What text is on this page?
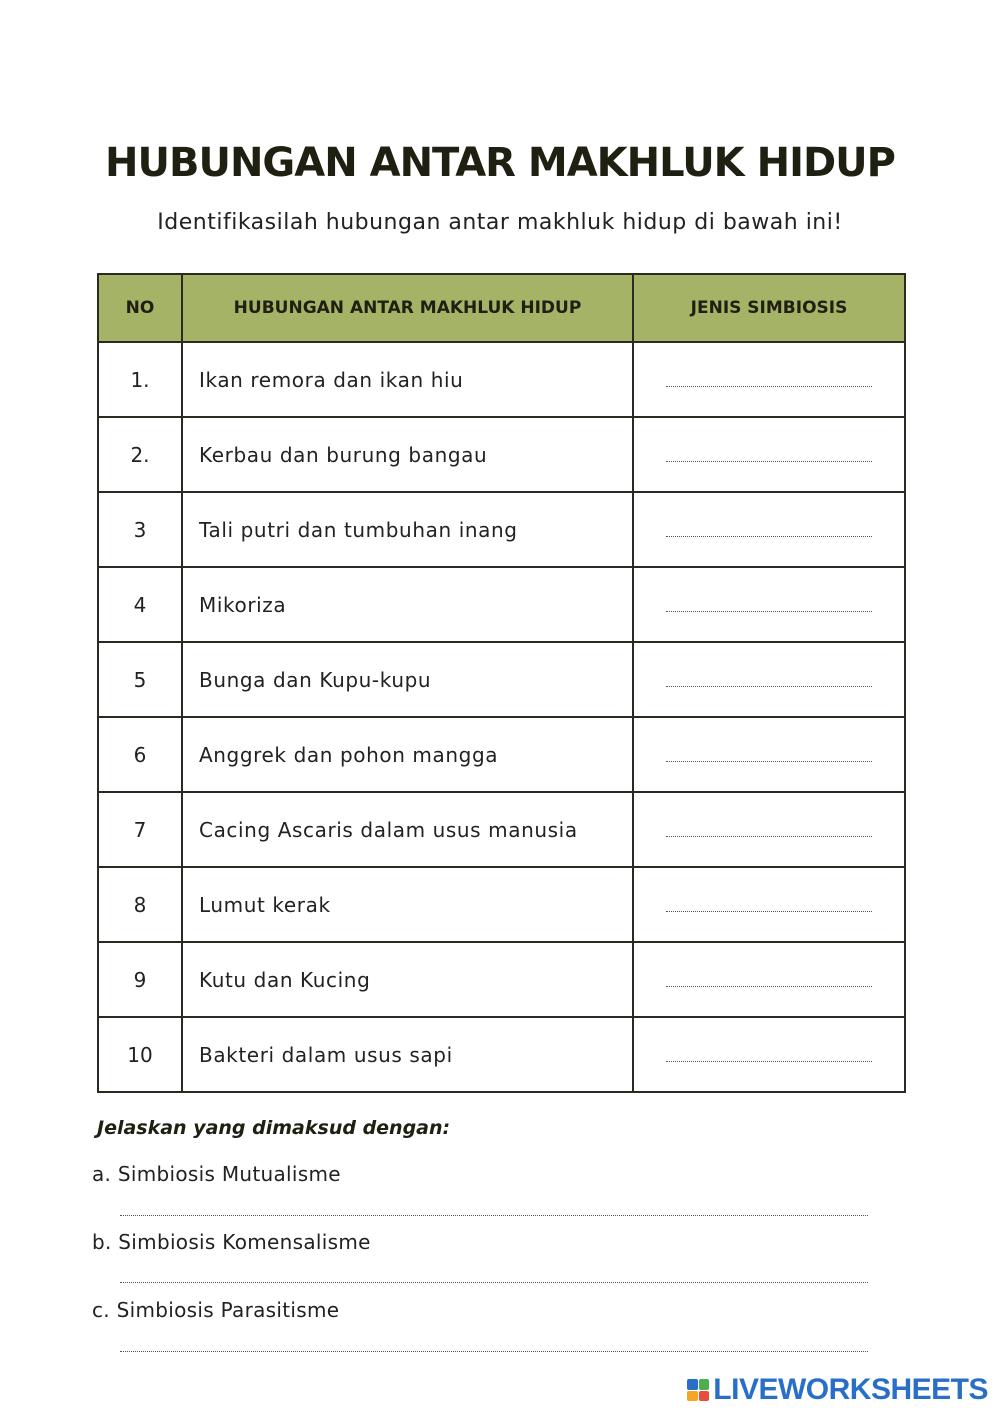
HUBUNGAN ANTAR MAKHLUK HIDUP
Identifikasilah hubungan antar makhluk hidup di bawah ini!
NO	HUBUNGAN ANTAR MAKHLUK HIDUP	JENIS SIMBIOSIS
1.	Ikan remora dan ikan hiu	
2.	Kerbau dan burung bangau	
3	Tali putri dan tumbuhan inang	
4	Mikoriza	
5	Bunga dan Kupu-kupu	
6	Anggrek dan pohon mangga	
7	Cacing Ascaris dalam usus manusia	
8	Lumut kerak	
9	Kutu dan Kucing	
10	Bakteri dalam usus sapi	
Jelaskan yang dimaksud dengan:
a. Simbiosis Mutualisme
b. Simbiosis Komensalisme
c. Simbiosis Parasitisme
LIVEWORKSHEETS
